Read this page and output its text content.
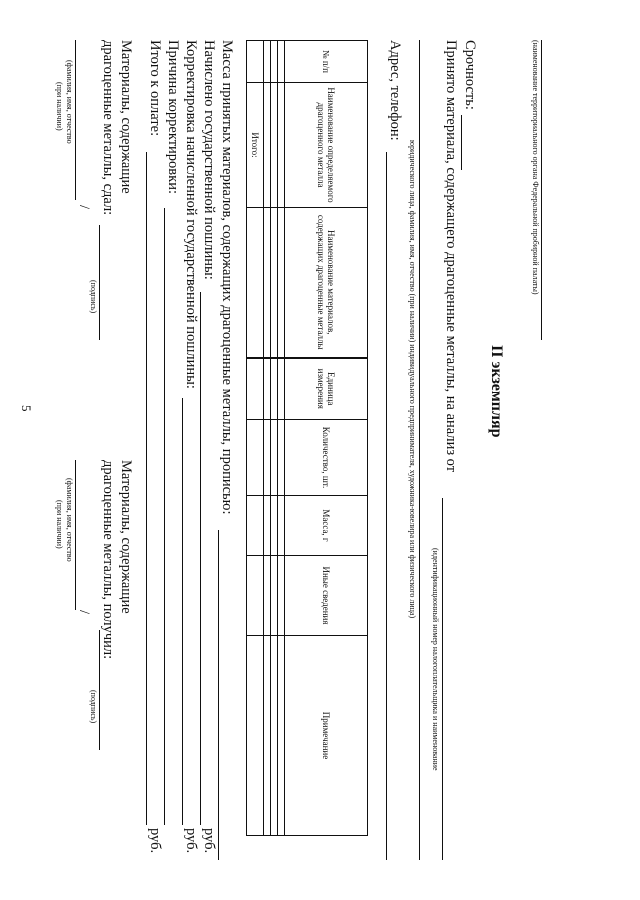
5
(наименование территориального органа Федеральной пробирной палаты)
II экземпляр
Срочность:
Принято материала, содержащего драгоценные металлы, на анализ от
(идентификационный номер налогоплательщика и наименование
юридического лица, фамилия, имя, отчество (при наличии) индивидуального предпринимателя, художника-ювелира или физического лица)
Адрес, телефон:
№ п/п	Наименование определяемого драгоценного металла	Наименование материалов, содержащих драгоценные металлы	Единица измерения	Количество, шт.	Масса, г	Иные сведения	Примечание

	Итого:						
Масса принятых материалов, содержащих драгоценные металлы, прописью:
Начислено государственной пошлины:
руб.
Корректировка начисленной государственной пошлины:
руб.
Причина корректировки:
Итого к оплате:
руб.
Материалы, содержащие
драгоценные металлы, сдал:
(подпись)
/
(фамилия, имя, отчество
(при наличии)
Материалы, содержащие
драгоценные металлы, получил:
(подпись)
/
(фамилия, имя, отчество
(при наличии)
